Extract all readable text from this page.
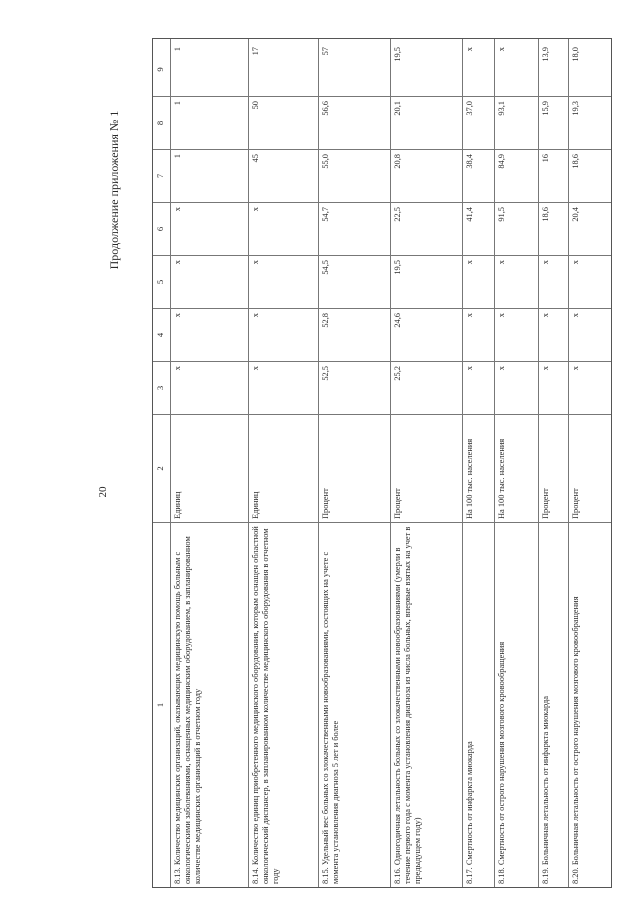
20
Продолжение приложения № 1
1
2
3
4
5
6
7
8
9
8.13. Количество медицинских организаций, оказывающих медицинскую помощь больным с онкологическими заболеваниями, оснащенных медицинским оборудованием, в запланированном количестве медицинских организаций в отчетном году
Единиц
x
x
x
x
1
1
1
8.14. Количество единиц приобретенного медицинского оборудования, которым оснащен областной онкологический диспансер, в запланированном количестве медицинского оборудования в отчетном году
Единиц
x
x
x
x
45
50
17
8.15. Удельный вес больных со злокачественными новообразованиями, состоящих на учете с момента установления диагноза 5 лет и более
Процент
52,5
52,8
54,5
54,7
55,0
56,6
57
8.16. Одногодичная летальность больных со злокачественными новообразованиями (умерли в течение первого года с момента установления диагноза из числа больных, впервые взятых на учет в предыдущем году)
Процент
25,2
24,6
19,5
22,5
20,8
20,1
19,5
8.17. Смертность от инфаркта миокарда
На 100 тыс. населения
x
x
x
41,4
38,4
37,0
x
8.18. Смертность от острого нарушения мозгового кровообращения
На 100 тыс. населения
x
x
x
91,5
84,9
93,1
x
8.19. Больничная летальность от инфаркта миокарда
Процент
x
x
x
18,6
16
15,9
13,9
8.20. Больничная летальность от острого нарушения мозгового кровообращения
Процент
x
x
x
20,4
18,6
19,3
18,0
